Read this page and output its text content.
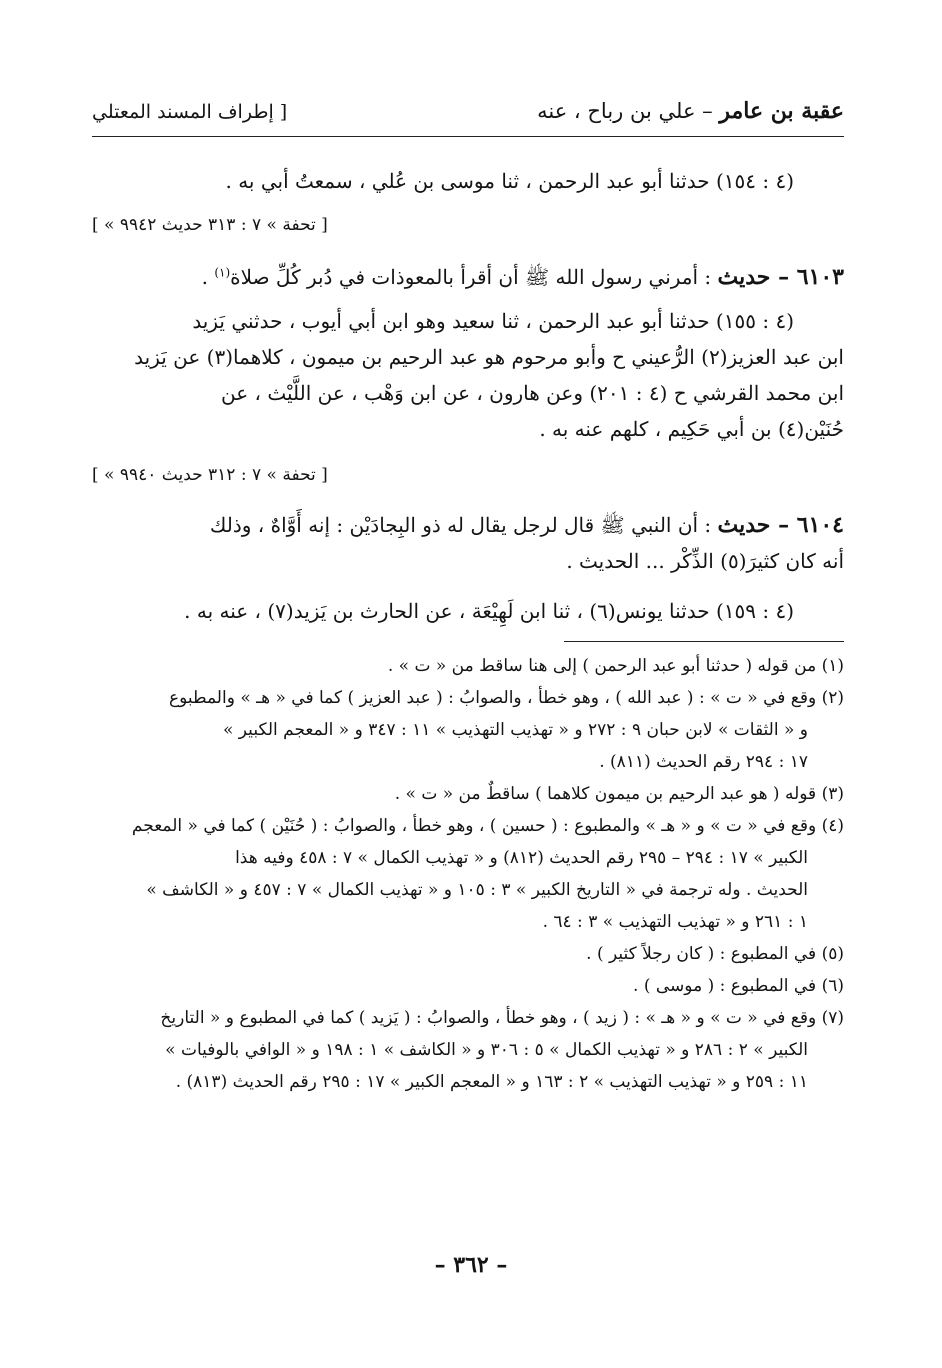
عقبة بن عامر – علي بن رباح ، عنه
[ إطراف المسند المعتلي
(٤ : ١٥٤) حدثنا أبو عبد الرحمن ، ثنا موسى بن عُلي ، سمعتُ أبي به .
[ « تحفة » ٧ : ٣١٣ حديث ٩٩٤٢ ]
٦١٠٣ – حديث : أمرني رسول الله ﷺ أن أقرأ بالمعوذات في دُبر كُلِّ صلاة$^{(١)}$ .
(٤ : ١٥٥) حدثنا أبو عبد الرحمن ، ثنا سعيد وهو ابن أبي أيوب ، حدثني يَزيد
ابن عبد العزيز(٢) الرُّعيني ح وأبو مرحوم هو عبد الرحيم بن ميمون ، كلاهما(٣) عن يَزيد
ابن محمد القرشي ح (٤ : ٢٠١) وعن هارون ، عن ابن وَهْب ، عن اللَّيْث ، عن
حُنَيْن(٤) بن أبي حَكِيم ، كلهم عنه به .
[ « تحفة » ٧ : ٣١٢ حديث ٩٩٤٠ ]
٦١٠٤ – حديث : أن النبي ﷺ قال لرجل يقال له ذو البِجادَيْن : إنه أَوَّاهٌ ، وذلك
أنه كان كثيرَ(٥) الذِّكْر ... الحديث .
(٤ : ١٥٩) حدثنا يونس(٦) ، ثنا ابن لَهِيْعَة ، عن الحارث بن يَزيد(٧) ، عنه به .
(١) من قوله ( حدثنا أبو عبد الرحمن ) إلى هنا ساقط من « ت » .
(٢) وقع في « ت » : ( عبد الله ) ، وهو خطأ ، والصوابُ : ( عبد العزيز ) كما في « هـ » والمطبوع
و « الثقات » لابن حبان ٩ : ٢٧٢ و « تهذيب التهذيب » ١١ : ٣٤٧ و « المعجم الكبير »
١٧ : ٢٩٤ رقم الحديث (٨١١) .
(٣) قوله ( هو عبد الرحيم بن ميمون كلاهما ) ساقطٌ من « ت » .
(٤) وقع في « ت » و « هـ » والمطبوع : ( حسين ) ، وهو خطأ ، والصوابُ : ( حُنَيْن ) كما في « المعجم
الكبير » ١٧ : ٢٩٤ – ٢٩٥ رقم الحديث (٨١٢) و « تهذيب الكمال » ٧ : ٤٥٨ وفيه هذا
الحديث . وله ترجمة في « التاريخ الكبير » ٣ : ١٠٥ و « تهذيب الكمال » ٧ : ٤٥٧ و « الكاشف »
١ : ٢٦١ و « تهذيب التهذيب » ٣ : ٦٤ .
(٥) في المطبوع : ( كان رجلاً كثير ) .
(٦) في المطبوع : ( موسى ) .
(٧) وقع في « ت » و « هـ » : ( زيد ) ، وهو خطأ ، والصوابُ : ( يَزيد ) كما في المطبوع و « التاريخ
الكبير » ٢ : ٢٨٦ و « تهذيب الكمال » ٥ : ٣٠٦ و « الكاشف » ١ : ١٩٨ و « الوافي بالوفيات »
١١ : ٢٥٩ و « تهذيب التهذيب » ٢ : ١٦٣ و « المعجم الكبير » ١٧ : ٢٩٥ رقم الحديث (٨١٣) .
– ٣٦٢ –
